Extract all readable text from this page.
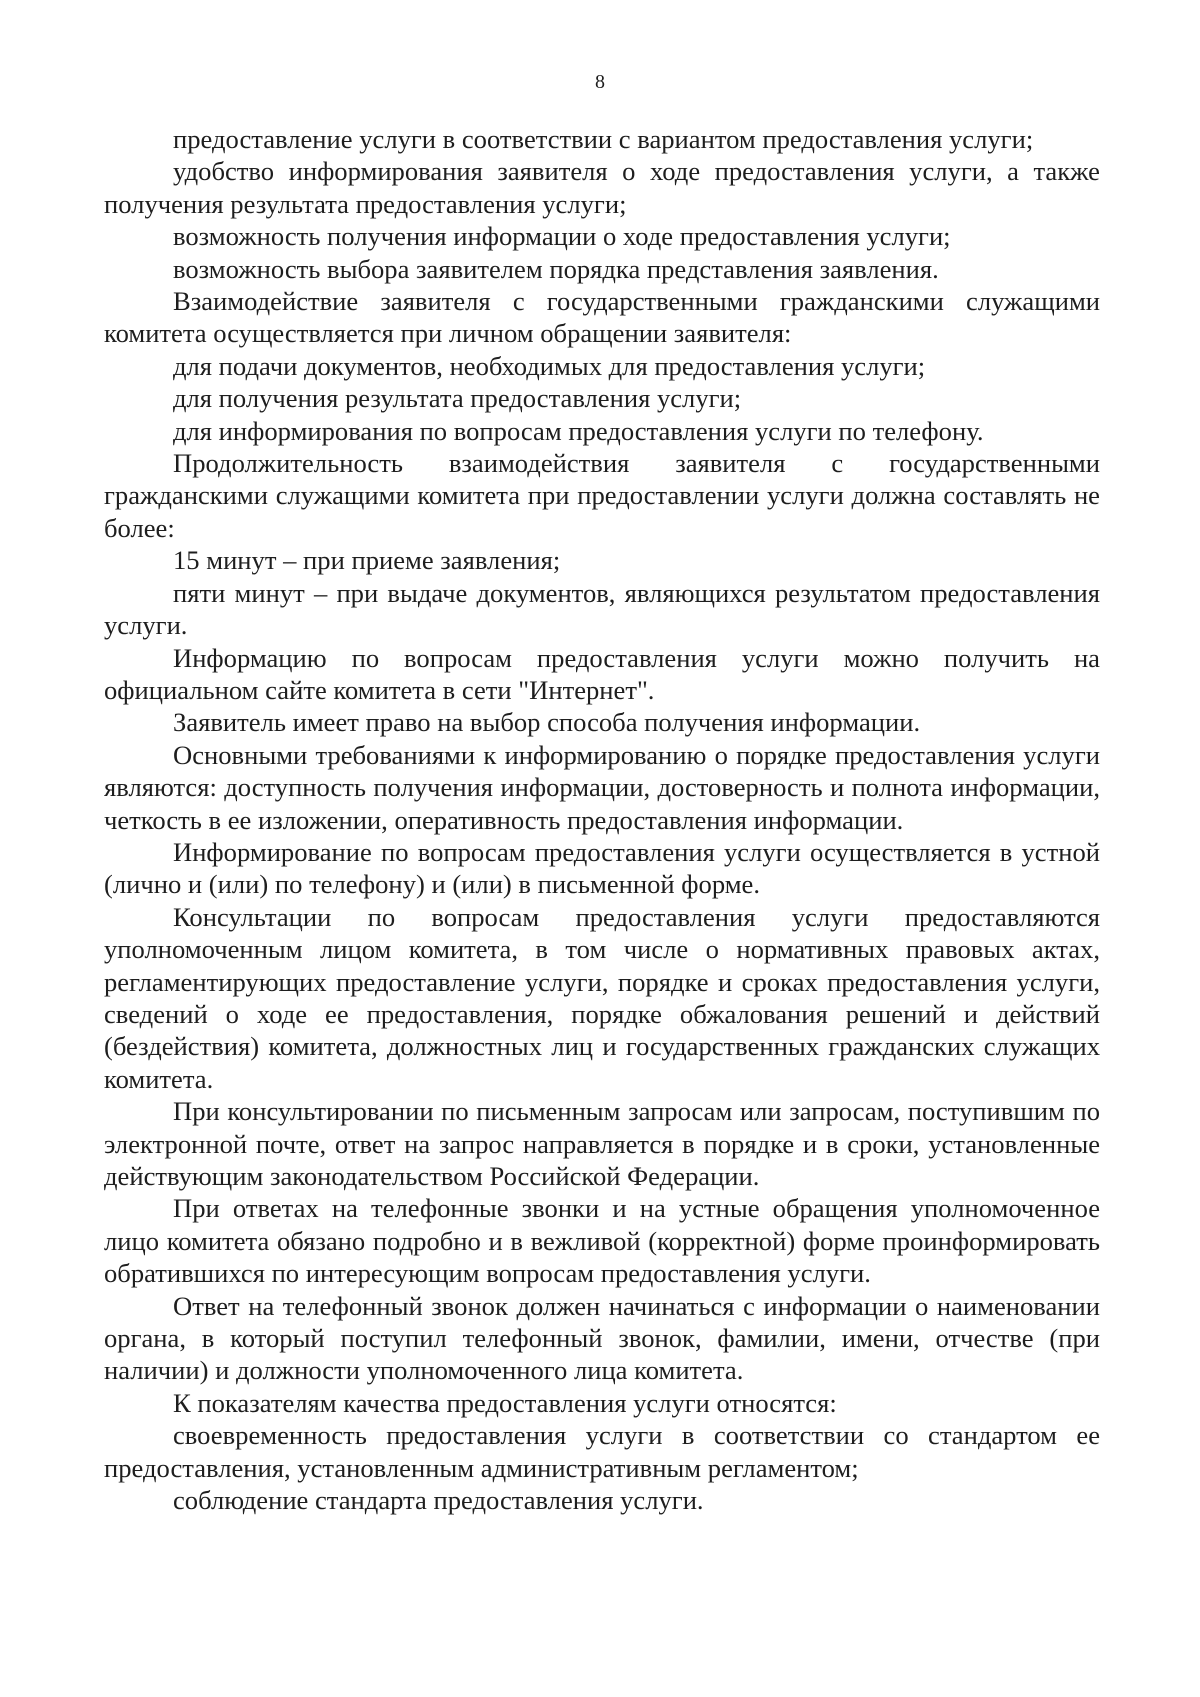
8

предоставление услуги в соответствии с вариантом предоставления услуги;

удобство информирования заявителя о ходе предоставления услуги, а также получения результата предоставления услуги;

возможность получения информации о ходе предоставления услуги;

возможность выбора заявителем порядка представления заявления.

Взаимодействие заявителя с государственными гражданскими служащими комитета осуществляется при личном обращении заявителя:

для подачи документов, необходимых для предоставления услуги;

для получения результата предоставления услуги;

для информирования по вопросам предоставления услуги по телефону.

Продолжительность взаимодействия заявителя с государственными гражданскими служащими комитета при предоставлении услуги должна составлять не более:

15 минут – при приеме заявления;

пяти минут – при выдаче документов, являющихся результатом предоставления услуги.

Информацию по вопросам предоставления услуги можно получить на официальном сайте комитета в сети "Интернет".

Заявитель имеет право на выбор способа получения информации.

Основными требованиями к информированию о порядке предоставления услуги являются: доступность получения информации, достоверность и полнота информации, четкость в ее изложении, оперативность предоставления информации.

Информирование по вопросам предоставления услуги осуществляется в устной (лично и (или) по телефону) и (или) в письменной форме.

Консультации по вопросам предоставления услуги предоставляются уполномоченным лицом комитета, в том числе о нормативных правовых актах, регламентирующих предоставление услуги, порядке и сроках предоставления услуги, сведений о ходе ее предоставления, порядке обжалования решений и действий (бездействия) комитета, должностных лиц и государственных гражданских служащих комитета.

При консультировании по письменным запросам или запросам, поступившим по электронной почте, ответ на запрос направляется в порядке и в сроки, установленные действующим законодательством Российской Федерации.

При ответах на телефонные звонки и на устные обращения уполномоченное лицо комитета обязано подробно и в вежливой (корректной) форме проинформировать обратившихся по интересующим вопросам предоставления услуги.

Ответ на телефонный звонок должен начинаться с информации о наименовании органа, в который поступил телефонный звонок, фамилии, имени, отчестве (при наличии) и должности уполномоченного лица комитета.

К показателям качества предоставления услуги относятся:

своевременность предоставления услуги в соответствии со стандартом ее предоставления, установленным административным регламентом;

соблюдение стандарта предоставления услуги.
